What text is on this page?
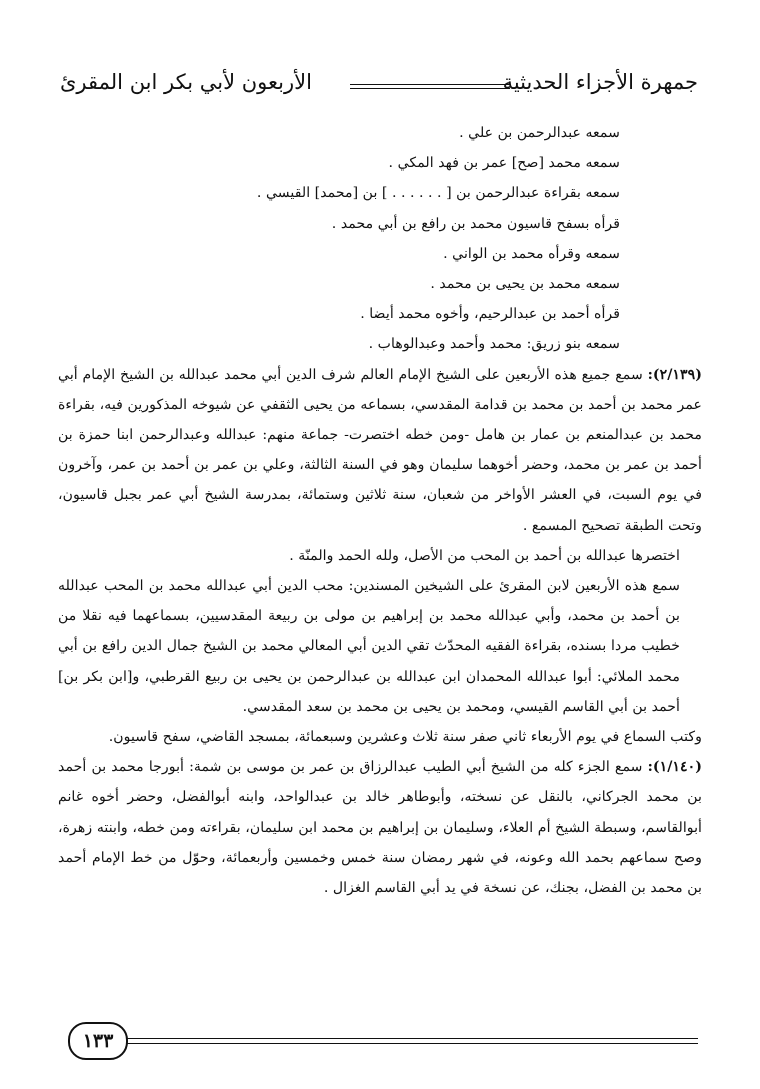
جمهرة الأجزاء الحديثية
الأربعون لأبي بكر ابن المقرئ
سمعه عبدالرحمن بن علي .
سمعه محمد [صح] عمر بن فهد المكي .
سمعه بقراءة عبدالرحمن بن [ . . . . . . ] بن [محمد] القيسي .
قرأه بسفح قاسيون محمد بن رافع بن أبي محمد .
سمعه وقرأه محمد بن الواني .
سمعه محمد بن يحيى بن محمد .
قرأه أحمد بن عبدالرحيم، وأخوه محمد أيضا .
سمعه بنو زريق: محمد وأحمد وعبدالوهاب .

(٢/١٣٩): سمع جميع هذه الأربعين على الشيخ الإمام العالم شرف الدين أبي محمد عبدالله بن الشيخ الإمام أبي عمر محمد بن أحمد بن محمد بن قدامة المقدسي، بسماعه من يحيى الثقفي عن شيوخه المذكورين فيه، بقراءة محمد بن عبدالمنعم بن عمار بن هامل -ومن خطه اختصرت- جماعة منهم: عبدالله وعبدالرحمن ابنا حمزة بن أحمد بن عمر بن محمد، وحضر أخوهما سليمان وهو في السنة الثالثة، وعلي بن عمر بن أحمد بن عمر، وآخرون في يوم السبت، في العشر الأواخر من شعبان، سنة ثلاثين وستمائة، بمدرسة الشيخ أبي عمر بجبل قاسيون، وتحت الطبقة تصحيح المسمع .

اختصرها عبدالله بن أحمد بن المحب من الأصل، ولله الحمد والمنّة .

سمع هذه الأربعين لابن المقرئ على الشيخين المسندين: محب الدين أبي عبدالله محمد بن المحب عبدالله بن أحمد بن محمد، وأبي عبدالله محمد بن إبراهيم بن مولى بن ربيعة المقدسيين، بسماعهما فيه نقلا من خطيب مردا بسنده، بقراءة الفقيه المحدّث تقي الدين أبي المعالي محمد بن الشيخ جمال الدين رافع بن أبي محمد الملائي: أبوا عبدالله المحمدان ابن عبدالله بن عبدالرحمن بن يحيى بن ربيع القرطبي، و[ابن بكر بن] أحمد بن أبي القاسم القيسي، ومحمد بن يحيى بن محمد بن سعد المقدسي.

وكتب السماع في يوم الأربعاء ثاني صفر سنة ثلاث وعشرين وسبعمائة، بمسجد القاضي، سفح قاسيون.

(١/١٤٠): سمع الجزء كله من الشيخ أبي الطيب عبدالرزاق بن عمر بن موسى بن شمة: أبورجا محمد بن أحمد بن محمد الجركاني، بالنقل عن نسخته، وأبوطاهر خالد بن عبدالواحد، وابنه أبوالفضل، وحضر أخوه غانم أبوالقاسم، وسبطة الشيخ أم العلاء، وسليمان بن إبراهيم بن محمد ابن سليمان، بقراءته ومن خطه، وابنته زهرة، وصح سماعهم بحمد الله وعونه، في شهر رمضان سنة خمس وخمسين وأربعمائة، وحوّل من خط الإمام أحمد بن محمد بن الفضل، بجنك، عن نسخة في يد أبي القاسم الغزال .

١٣٣
